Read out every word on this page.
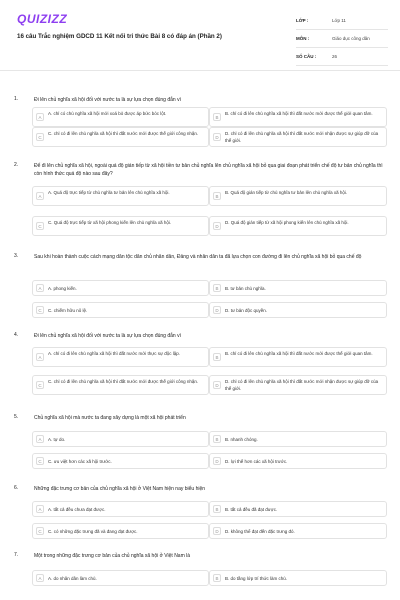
QUIZIZZ
16 câu Trắc nghiệm GDCD 11 Kết nối tri thức Bài 8 có đáp án (Phần 2)
LỚP :	Lớp 11
MÔN :	Giáo dục công dân
SỐ CÂU :	26
1.	Đi lên chủ nghĩa xã hội đối với nước ta là sự lựa chọn đúng đắn vì
A
A. chỉ có chủ nghĩa xã hội mới xoá bỏ được áp bức bóc lột.
B
B. chỉ có đi lên chủ nghĩa xã hội thì đất nước mới được thế giới quan tâm.
C
C. chỉ có đi lên chủ nghĩa xã hội thì đất nước mới được thế giới công nhận.
D
D. chỉ có đi lên chủ nghĩa xã hội thì đất nước mới nhận được sự giúp đỡ của thế giới.
2.	Để đi lên chủ nghĩa xã hội, ngoài quá độ gián tiếp từ xã hội tiền tư bản chủ nghĩa lên chủ nghĩa xã hội bỏ qua giai đoạn phát triển chế độ tư bản chủ nghĩa thì còn hình thức quá độ nào sau đây?
A
A. Quá độ trực tiếp từ chủ nghĩa tư bản lên chủ nghĩa xã hội.
B
B. Quá độ gián tiếp từ chủ nghĩa tư bản lên chủ nghĩa xã hội.
C
C. Quá độ trực tiếp từ xã hội phong kiến lên chủ nghĩa xã hội.
D
D. Quá độ gián tiếp từ xã hội phong kiến lên chủ nghĩa xã hội.
3.	Sau khi hoàn thành cuộc cách mạng dân tộc dân chủ nhân dân, Đảng và nhân dân ta đã lựa chọn con đường đi lên chủ nghĩa xã hội bỏ qua chế độ
A	A. phong kiến.	B	B. tư bản chủ nghĩa.
C	C. chiếm hữu nô lệ.	D	D. tư bản độc quyền.
4.	Đi lên chủ nghĩa xã hội đối với nước ta là sự lựa chọn đúng đắn vì
A
A. chỉ có đi lên chủ nghĩa xã hội thì đất nước mới thực sự độc lập.
B
B. chỉ có đi lên chủ nghĩa xã hội thì đất nước mới được thế giới quan tâm.
C
C. chỉ có đi lên chủ nghĩa xã hội thì đất nước mới được thế giới công nhận.
D
D. chỉ có đi lên chủ nghĩa xã hội thì đất nước mới nhận được sự giúp đỡ của thế giới.
5.	Chủ nghĩa xã hội mà nước ta đang xây dựng là một xã hội phát triển
A	A. tự do.	B	B. nhanh chóng.
C	C. ưu việt hơn các xã hội trước.	D	D. lợi thế hơn các xã hội trước.
6.	Những đặc trưng cơ bản của chủ nghĩa xã hội ở Việt Nam hiện nay biểu hiện
A	A. tất cả đều chưa đạt được.	B	B. tất cả đều đã đạt được.
C	C. có những đặc trưng đã và đang đạt được.	D	D. không thể đạt đến đặc trưng đó.
7.	Một trong những đặc trưng cơ bản của chủ nghĩa xã hội ở Việt Nam là
A	A. do nhân dân làm chủ.	B	B. do tầng lớp trí thức làm chủ.
